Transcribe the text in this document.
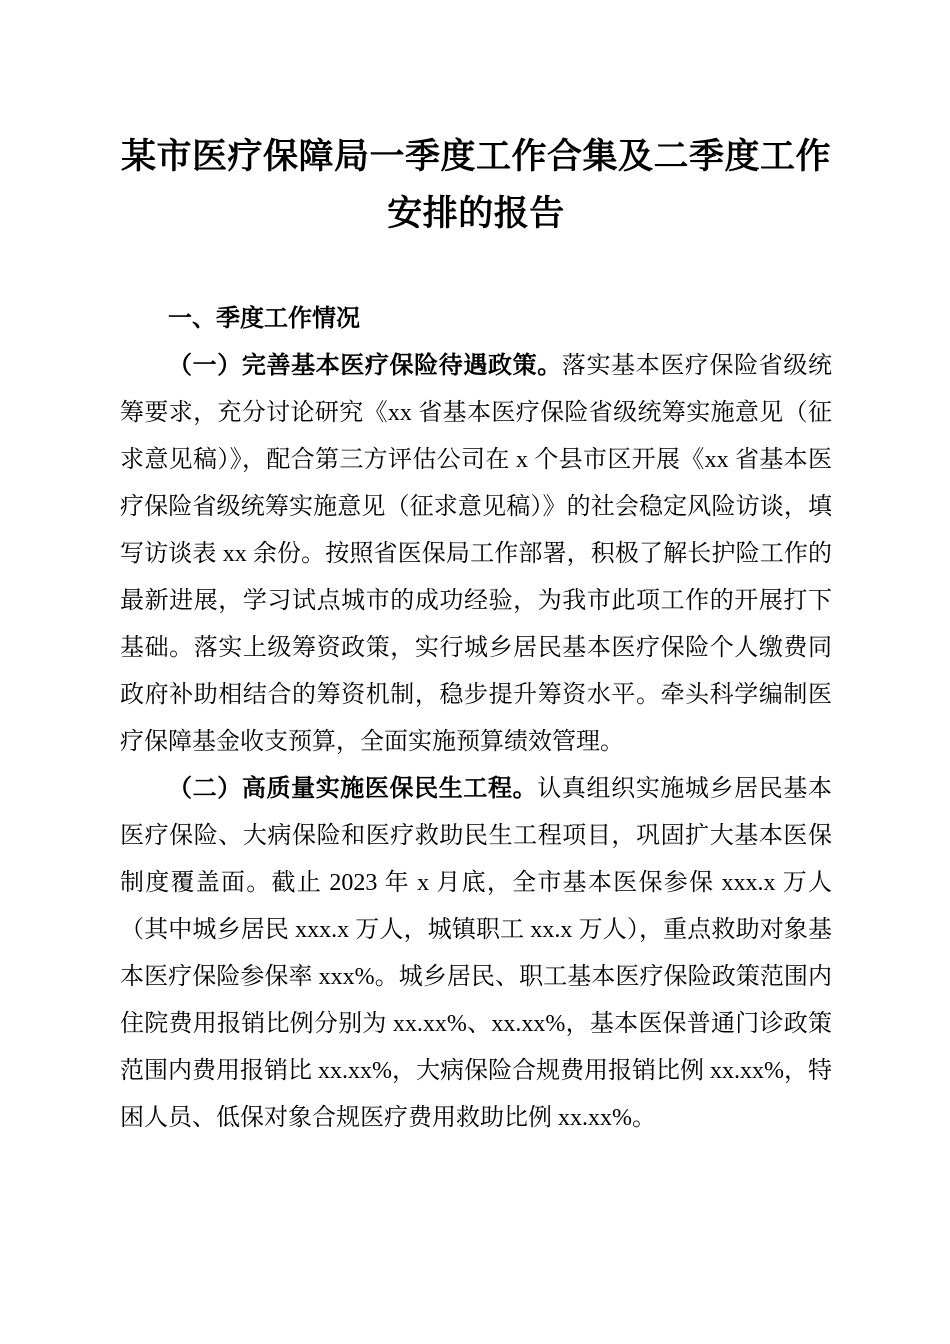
某市医疗保障局一季度工作合集及二季度工作安排的报告

一、季度工作情况

（一）完善基本医疗保险待遇政策。落实基本医疗保险省级统筹要求，充分讨论研究《xx 省基本医疗保险省级统筹实施意见（征求意见稿）》，配合第三方评估公司在 x 个县市区开展《xx 省基本医疗保险省级统筹实施意见（征求意见稿）》的社会稳定风险访谈，填写访谈表 xx 余份。按照省医保局工作部署，积极了解长护险工作的最新进展，学习试点城市的成功经验，为我市此项工作的开展打下基础。落实上级筹资政策，实行城乡居民基本医疗保险个人缴费同政府补助相结合的筹资机制，稳步提升筹资水平。牵头科学编制医疗保障基金收支预算，全面实施预算绩效管理。

（二）高质量实施医保民生工程。认真组织实施城乡居民基本医疗保险、大病保险和医疗救助民生工程项目，巩固扩大基本医保制度覆盖面。截止 2023 年 x 月底，全市基本医保参保 xxx.x 万人（其中城乡居民 xxx.x 万人，城镇职工 xx.x 万人），重点救助对象基本医疗保险参保率 xxx%。城乡居民、职工基本医疗保险政策范围内住院费用报销比例分别为 xx.xx%、xx.xx%，基本医保普通门诊政策范围内费用报销比 xx.xx%，大病保险合规费用报销比例 xx.xx%，特困人员、低保对象合规医疗费用救助比例 xx.xx%。
